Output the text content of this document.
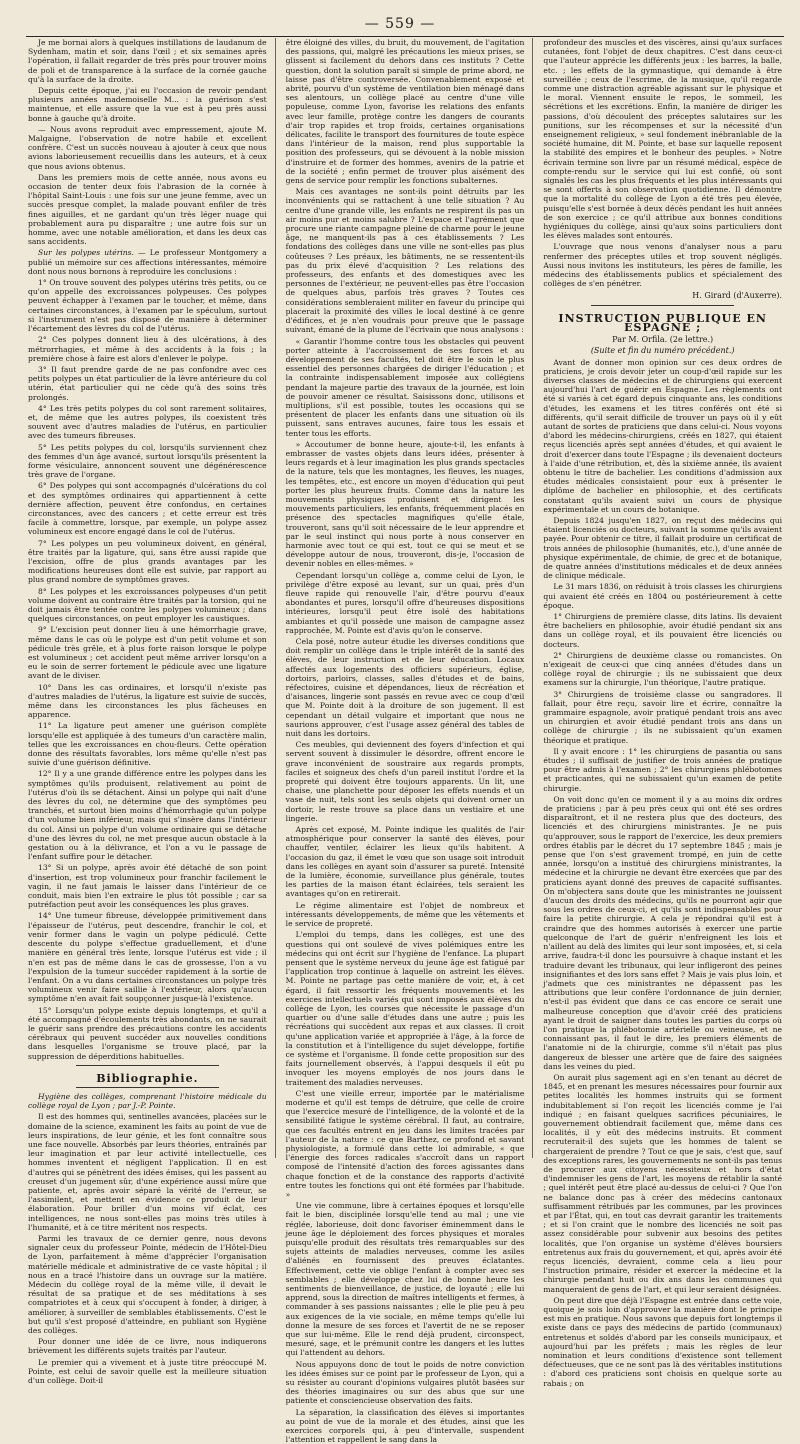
— 559 —

Je me bornai alors à quelques instillations de laudanum de Sydenham, matin et soir, dans l'œil ; et six semaines après l'opération, il fallait regarder de très près pour trouver moins de poli et de transparence à la surface de la cornée gauche qu'à la surface de la droite.

Depuis cette époque, j'ai eu l'occasion de revoir pendant plusieurs années mademoiselle M... : la guérison s'est maintenue, et elle assure que la vue est à peu près aussi bonne à gauche qu'à droite.

— Nous avons reproduit avec empressement, ajoute M. Malgaigne, l'observation de notre habile et excellent confrère. C'est un succès nouveau à ajouter à ceux que nous avions laborieusement recueillis dans les auteurs, et à ceux que nous avions obtenus.

Dans les premiers mois de cette année, nous avons eu occasion de tenter deux fois l'abrasion de la cornée à l'hôpital Saint-Louis : une fois sur une jeune femme, avec un succès presque complet, la malade pouvant enfiler de très fines aiguilles, et ne gardant qu'un très léger nuage qui probablement aura pu disparaître ; une autre fois sur un homme, avec une notable amélioration, et dans les deux cas sans accidents.

Sur les polypes utérins. — Le professeur Montgomery a publié un mémoire sur ces affections intéressantes, mémoire dont nous nous bornons à reproduire les conclusions :

1° On trouve souvent des polypes utérins très petits, ou ce qu'on appelle des excroissances polypeuses. Ces polypes peuvent échapper à l'examen par le toucher, et même, dans certaines circonstances, à l'examen par le spéculum, surtout si l'instrument n'est pas disposé de manière à déterminer l'écartement des lèvres du col de l'utérus.

2° Ces polypes donnent lieu à des ulcérations, à des métrorrhagies, et même à des accidents à la fois ; la première chose à faire est alors d'enlever le polype.

3° Il faut prendre garde de ne pas confondre avec ces petits polypes un état particulier de la lèvre antérieure du col utérin, état particulier qui ne cède qu'à des soins très prolongés.

4° Les très petits polypes du col sont rarement solitaires, et, de même que les autres polypes, ils coexistent très souvent avec d'autres maladies de l'utérus, en particulier avec des tumeurs fibreuses.

5° Les petits polypes du col, lorsqu'ils surviennent chez des femmes d'un âge avancé, surtout lorsqu'ils présentent la forme vésiculaire, annoncent souvent une dégénérescence très grave de l'organe.

6° Des polypes qui sont accompagnés d'ulcérations du col et des symptômes ordinaires qui appartiennent à cette dernière affection, peuvent être confondus, en certaines circonstances, avec des cancers ; et cette erreur est très facile à commettre, lorsque, par exemple, un polype assez volumineux est encore engagé dans le col de l'utérus.

7° Les polypes un peu volumineux doivent, en général, être traités par la ligature, qui, sans être aussi rapide que l'excision, offre de plus grands avantages par les modifications heureuses dont elle est suivie, par rapport au plus grand nombre de symptômes graves.

8° Les polypes et les excroissances polypeuses d'un petit volume doivent au contraire être traités par la torsion, qui ne doit jamais être tentée contre les polypes volumineux ; dans quelques circonstances, on peut employer les caustiques.

9° L'excision peut donner lieu à une hémorrhagie grave, même dans le cas où le polype est d'un petit volume et son pédicule très grêle, et à plus forte raison lorsque le polype est volumineux ; cet accident peut même arriver lorsqu'on a eu le soin de serrer fortement le pédicule avec une ligature avant de le diviser.

10° Dans les cas ordinaires, et lorsqu'il n'existe pas d'autres maladies de l'utérus, la ligature est suivie de succès, même dans les circonstances les plus fâcheuses en apparence.

11° La ligature peut amener une guérison complète lorsqu'elle est appliquée à des tumeurs d'un caractère malin, telles que les excroissances en chou-fleurs. Cette opération donne des résultats favorables, lors même qu'elle n'est pas suivie d'une guérison définitive.

12° Il y a une grande différence entre les polypes dans les symptômes qu'ils produisent, relativement au point de l'utérus d'où ils se détachent. Ainsi un polype qui naît d'une des lèvres du col, ne détermine que des symptômes peu tranchés, et surtout bien moins d'hémorrhagie qu'un polype d'un volume bien inférieur, mais qui s'insère dans l'intérieur du col. Ainsi un polype d'un volume ordinaire qui se détache d'une des lèvres du col, ne met presque aucun obstacle à la gestation ou à la délivrance, et l'on a vu le passage de l'enfant suffire pour le détacher.

13° Si un polype, après avoir été détaché de son point d'insertion, est trop volumineux pour franchir facilement le vagin, il ne faut jamais le laisser dans l'intérieur de ce conduit, mais bien l'en extraire le plus tôt possible ; car sa putréfaction peut avoir les conséquences les plus graves.

14° Une tumeur fibreuse, développée primitivement dans l'épaisseur de l'utérus, peut descendre, franchir le col, et venir former dans le vagin un polype pédiculé. Cette descente du polype s'effectue graduellement, et d'une manière en général très lente, lorsque l'utérus est vide ; il n'en est pas de même dans le cas de grossesse, l'on a vu l'expulsion de la tumeur succéder rapidement à la sortie de l'enfant. On a vu dans certaines circonstances un polype très volumineux venir faire saillie à l'extérieur, alors qu'aucun symptôme n'en avait fait soupçonner jusque-là l'existence.

15° Lorsqu'un polype existe depuis longtemps, et qu'il a été accompagné d'écoulements très abondants, on ne saurait le guérir sans prendre des précautions contre les accidents cérébraux qui peuvent succéder aux nouvelles conditions dans lesquelles l'organisme se trouve placé, par la suppression de déperditions habituelles.

Bibliographie.

Hygiène des collèges, comprenant l'histoire médicale du collège royal de Lyon ; par J.-P. Pointe.

Il est des hommes qui, sentinelles avancées, placées sur le domaine de la science, examinent les faits au point de vue de leurs inspirations, de leur génie, et les font connaître sous une face nouvelle. Absorbés par leurs théories, entraînés par leur imagination et par leur activité intellectuelle, ces hommes inventent et négligent l'application. Il en est d'autres qui se pénètrent des idées émises, qui les passent au creuset d'un jugement sûr, d'une expérience aussi mûre que patiente, et, après avoir séparé la vérité de l'erreur, se l'assimilent, et mettent en évidence ce produit de leur élaboration. Pour briller d'un moins vif éclat, ces intelligences, ne nous sont-elles pas moins très utiles à l'humanité, et à ce titre méritent nos respects.

Parmi les travaux de ce dernier genre, nous devons signaler ceux du professeur Pointe, médecin de l'Hôtel-Dieu de Lyon, parfaitement à même d'apprécier l'organisation matérielle médicale et administrative de ce vaste hôpital ; il nous en a tracé l'histoire dans un ouvrage sur la matière. Médecin du collège royal de la même ville, il devait le résultat de sa pratique et de ses méditations à ses compatriotes et à ceux qui s'occupent à fonder, à diriger, à améliorer, à surveiller de semblables établissements. C'est le but qu'il s'est proposé d'atteindre, en publiant son Hygiène des collèges.

Pour donner une idée de ce livre, nous indiquerons brièvement les différents sujets traités par l'auteur.

Le premier qui a vivement et à juste titre préoccupé M. Pointe, est celui de savoir quelle est la meilleure situation d'un collège. Doit-il

être éloigné des villes, du bruit, du mouvement, de l'agitation des passions, qui, malgré les précautions les mieux prises, se glissent si facilement du dehors dans ces instituts ? Cette question, dont la solution paraît si simple de prime abord, ne laisse pas d'être controversée. Convenablement exposé et abrité, pourvu d'un système de ventilation bien ménagé dans ses alentours, un collège placé au centre d'une ville populeuse, comme Lyon, favorise les relations des enfants avec leur famille, protège contre les dangers de courants d'air trop rapides et trop froids, certaines organisations délicates, facilite le transport des fournitures de toute espèce dans l'intérieur de la maison, rend plus supportable la position des professeurs, qui se dévouent à la noble mission d'instruire et de former des hommes, avenirs de la patrie et de la société ; enfin permet de trouver plus aisément des gens de service pour remplir les fonctions subalternes.

Mais ces avantages ne sont-ils point détruits par les inconvénients qui se rattachent à une telle situation ? Au centre d'une grande ville, les enfants ne respirent ils pas un air moins pur et moins salubre ? L'espace et l'agrément que procure une riante campagne pleine de charme pour le jeune âge, ne manquent-ils pas à ces établissements ? Les fondations des collèges dans une ville ne sont-elles pas plus coûteuses ? Les préaux, les bâtiments, ne se ressentent-ils pas du prix élevé d'acquisition ? Les relations des professeurs, des enfants et des domestiques avec les personnes de l'extérieur, ne peuvent-elles pas être l'occasion de quelques abus, parfois très graves ? Toutes ces considérations sembleraient militer en faveur du principe qui placerait la proximité des villes le local destiné à ce genre d'édifices, et je n'en voudrais pour preuve que le passage suivant, émané de la plume de l'écrivain que nous analysons :

« Garantir l'homme contre tous les obstacles qui peuvent porter atteinte à l'accroissement de ses forces et au développement de ses facultés, tel doit être le soin le plus essentiel des personnes chargées de diriger l'éducation ; et la contrainte indispensablement imposée aux collégiens pendant la majeure partie des travaux de la journée, est loin de pouvoir amener ce résultat. Saisissons donc, utilisons et multiplions, s'il est possible, toutes les occasions qui se présentent de placer les enfants dans une situation où ils puissent, sans entraves aucunes, faire tous les essais et tenter tous les efforts.

» Accoutumer de bonne heure, ajoute-t-il, les enfants à embrasser de vastes objets dans leurs idées, présenter à leurs regards et à leur imagination les plus grands spectacles de la nature, tels que les montagnes, les fleuves, les nuages, les tempêtes, etc., est encore un moyen d'éducation qui peut porter les plus heureux fruits. Comme dans la nature les mouvements physiques produisent et dirigent les mouvements particuliers, les enfants, fréquemment placés en présence des spectacles magnifiques qu'elle étale, trouveront, sans qu'il soit nécessaire de le leur apprendre et par le seul instinct qui nous porte à nous conserver en harmonie avec tout ce qui est, tout ce qui se meut et se développe autour de nous, trouveront, dis-je, l'occasion de devenir nobles en elles-mêmes. »

Cependant lorsqu'un collège a, comme celui de Lyon, le privilège d'être exposé au levant, sur un quai, près d'un fleuve rapide qui renouvelle l'air, d'être pourvu d'eaux abondantes et pures, lorsqu'il offre d'heureuses dispositions intérieures, lorsqu'il peut être isolé des habitations ambiantes et qu'il possède une maison de campagne assez rapprochée, M. Pointe est d'avis qu'on le conserve.

Cela posé, notre auteur étudie les diverses conditions que doit remplir un collège dans le triple intérêt de la santé des élèves, de leur instruction et de leur éducation. Locaux affectés aux logements des officiers supérieurs, église, dortoirs, parloirs, classes, salles d'études et de bains, réfectoires, cuisine et dépendances, lieux de récréation et d'aisances, lingerie sont passés en revue avec ce coup d'œil que M. Pointe doit à la droiture de son jugement. Il est cependant un détail vulgaire et important que nous ne saurions approuver, c'est l'usage assez général des tables de nuit dans les dortoirs.

Ces meubles, qui deviennent des foyers d'infection et qui servent souvent à dissimuler le désordre, offrent encore le grave inconvénient de soustraire aux regards prompts, faciles et soigneux des chefs d'un pareil institut l'ordre et la propreté qui doivent être toujours apparents. Un lit, une chaise, une planchette pour déposer les effets nuends et un vase de nuit, tels sont les seuls objets qui doivent orner un dortoir, le reste trouve sa place dans un vestiaire et une lingerie.

Après cet exposé, M. Pointe indique les qualités de l'air atmosphérique pour conserver la santé des élèves, pour chauffer, ventiler, éclairer les lieux qu'ils habitent. A l'occasion du gaz, il émet le vœu que son usage soit introduit dans les collèges en ayant soin d'assurer sa pureté. Intensité de la lumière, économie, surveillance plus générale, toutes les parties de la maison étant éclairées, tels seraient les avantages qu'on en retirerait.

Le régime alimentaire est l'objet de nombreux et intéressants développements, de même que les vêtements et le service de propreté.

L'emploi du temps, dans les collèges, est une des questions qui ont soulevé de vives polémiques entre les médecins qui ont écrit sur l'hygiène de l'enfance. La plupart pensent que le système nerveux du jeune âge est fatigué par l'application trop continue à laquelle on astreint les élèves. M. Pointe ne partage pas cette manière de voir, et, à cet égard, il fait ressortir les fréquents mouvements et les exercices intellectuels variés qui sont imposés aux élèves du collège de Lyon, les courses que nécessite le passage d'un quartier ou d'une salle d'études dans une autre ; puis les récréations qui succèdent aux repas et aux classes. Il croit qu'une application variée et appropriée à l'âge, à la force de la constitution et à l'intelligence du sujet développe, fortifie ce système et l'organisme. Il fonde cette proposition sur des faits journellement observés, à l'appui desquels il eût pu invoquer les moyens employés de nos jours dans le traitement des maladies nerveuses.

C'est une vieille erreur, importée par le matérialisme moderne et qu'il est temps de détruire, que celle de croire que l'exercice mesuré de l'intelligence, de la volonté et de la sensibilité fatigue le système cérébral. Il faut, au contraire, que ces facultés entrent en jeu dans les limites tracées par l'auteur de la nature : ce que Barthez, ce profond et savant physiologiste, a formulé dans cette loi admirable, « que l'énergie des forces radicales s'accroît dans un rapport composé de l'intensité d'action des forces agissantes dans chaque fonction et de la constance des rapports d'activité entre toutes les fonctions qui ont été formées par l'habitude. »

Une vie commune, libre à certaines époques et lorsqu'elle fait le bien, disciplinée lorsqu'elle tend au mal ; une vie réglée, laborieuse, doit donc favoriser éminemment dans le jeune âge le déploiement des forces physiques et morales puisqu'elle produit des résultats très remarquables sur des sujets atteints de maladies nerveuses, comme les asiles d'aliénés en fournissent des preuves éclatantes. Effectivement, cette vie oblige l'enfant à compter avec ses semblables ; elle développe chez lui de bonne heure les sentiments de bienveillance, de justice, de loyauté ; elle lui apprend, sous la direction de maîtres intelligents et fermes, à commander à ses passions naissantes ; elle le plie peu à peu aux exigences de la vie sociale, en même temps qu'elle lui donne la mesure de ses forces et l'avertit de ne se reposer que sur lui-même. Elle le rend déjà prudent, circonspect, mesuré, sage, et le prémunit contre les dangers et les luttes qui l'attendent au dehors.

Nous appuyons donc de tout le poids de notre conviction les idées émises sur ce point par le professeur de Lyon, qui a su résister au courant d'opinions vulgaires plutôt basées sur des théories imaginaires ou sur des abus que sur une patiente et consciencieuse observation des faits.

La séparation, la classification des élèves si importantes au point de vue de la morale et des études, ainsi que les exercices corporels qui, à peu d'intervalle, suspendent l'attention et rappellent le sang dans la

profondeur des muscles et des viscères, ainsi qu'aux surfaces cutanées, font l'objet de deux chapitres. C'est dans ceux-ci que l'auteur apprécie les différents jeux : les barres, la balle, etc. ; les effets de la gymnastique, qui demande à être surveillée ; ceux de l'escrime, de la musique, qu'il regarde comme une distraction agréable agissant sur le physique et le moral. Viennent ensuite le repos, le sommeil, les sécrétions et les excrétions. Enfin, la manière de diriger les passions, d'où découlent des préceptes salutaires sur les punitions, sur les récompenses et sur la nécessité d'un enseignement religieux, » seul fondement inébranlable de la société humaine, dit M. Pointe, et base sur laquelle reposent la stabilité des empires et le bonheur des peuples. » Notre écrivain termine son livre par un résumé médical, espèce de compte-rendu sur le service qui lui est confié, où sont signalés les cas les plus fréquents et les plus intéressants qui se sont offerts à son observation quotidienne. Il démontre que la mortalité du collège de Lyon a été très peu élevée, puisqu'elle s'est bornée à deux décès pendant les huit années de son exercice ; ce qu'il attribue aux bonnes conditions hygiéniques du collège, ainsi qu'aux soins particuliers dont les élèves malades sont entourés.

L'ouvrage que nous venons d'analyser nous a paru renfermer des préceptes utiles et trop souvent négligés. Aussi nous invitons les instituteurs, les pères de famille, les médecins des établissements publics et spécialement des collèges de s'en pénétrer.

H. Girard (d'Auxerre).
INSTRUCTION PUBLIQUE EN ESPAGNE ;
Par M. Orfila. (2e lettre.)
(Suite et fin du numéro précédent.)

Avant de donner mon opinion sur ces deux ordres de praticiens, je crois devoir jeter un coup-d'œil rapide sur les diverses classes de médecins et de chirurgiens qui exercent aujourd'hui l'art de guérir en Espagne. Les règlements ont été si variés à cet égard depuis cinquante ans, les conditions d'études, les examens et les titres conférés ont été si différents, qu'il serait difficile de trouver un pays où il y eût autant de sortes de praticiens que dans celui-ci. Nous voyons d'abord les médecins-chirurgiens, créés en 1827, qui étaient reçus licenciés après sept années d'études, et qui avaient le droit d'exercer dans toute l'Espagne ; ils devenaient docteurs à l'aide d'une rétribution, et, dès la sixième année, ils avaient obtenu le titre de bachelier. Les conditions d'admission aux études médicales consistaient pour eux à présenter le diplôme de bachelier en philosophie, et des certificats constatant qu'ils avaient suivi un cours de physique expérimentale et un cours de botanique.

Depuis 1824 jusqu'en 1827, on reçut des médecins qui étaient licenciés ou docteurs, suivant la somme qu'ils avaient payée. Pour obtenir ce titre, il fallait produire un certificat de trois années de philosophie (humanités, etc.), d'une année de physique expérimentale, de chimie, de grec et de botanique, de quatre années d'institutions médicales et de deux années de clinique médicale.

Le 31 mars 1836, on réduisit à trois classes les chirurgiens qui avaient été créés en 1804 ou postérieurement à cette époque.

1° Chirurgiens de première classe, dits latins. Ils devaient être bacheliers en philosophie, avoir étudié pendant six ans dans un collège royal, et ils pouvaient être licenciés ou docteurs.

2° Chirurgiens de deuxième classe ou romancistes. On n'exigeait de ceux-ci que cinq années d'études dans un collège royal de chirurgie ; ils ne subissaient que deux examens sur la chirurgie, l'un théorique, l'autre pratique.

3° Chirurgiens de troisième classe ou sangradores. Il fallait, pour être reçu, savoir lire et écrire, connaître la grammaire espagnole, avoir pratiqué pendant trois ans avec un chirurgien et avoir étudié pendant trois ans dans un collège de chirurgie ; ils ne subissaient qu'un examen théorique et pratique.

Il y avait encore : 1° les chirurgiens de pasantia ou sans études ; il suffisait de justifier de trois années de pratique pour être admis à l'examen ; 2° les chirurgiens phlébotomes et practicantes, qui ne subissaient qu'un examen de petite chirurgie.

On voit donc qu'en ce moment il y a au moins dix ordres de praticiens ; par à peu près ceux qui ont été ses ordres disparaîtront, et il ne restera plus que des docteurs, des licenciés et des chirurgiens ministrantes. Je ne puis qu'approuver, sous le rapport de l'exercice, les deux premiers ordres établis par le décret du 17 septembre 1845 ; mais je pense que l'on s'est gravement trompé, en juin de cette année, lorsqu'on a institué des chirurgiens ministrantes, la médecine et la chirurgie ne devant être exercées que par des praticiens ayant donné des preuves de capacité suffisantes. On m'objectera sans doute que les ministrantes ne jouissent d'aucun des droits des médecins, qu'ils ne pourront agir que sous les ordres de ceux-ci, et qu'ils sont indispensables pour faire la petite chirurgie. A cela je répondrai qu'il est à craindre que des hommes autorisés à exercer une partie quelconque de l'art de guérir n'enfreignent les lois et n'aillent au delà des limites qui leur sont imposées, et, si cela arrive, faudra-t-il donc les poursuivre à chaque instant et les traduire devant les tribunaux, qui leur infligeront des peines insignifiantes et des lors sans effet ? Mais je vais plus loin, et j'admets que ces ministrantes ne dépassent pas les attributions que leur confère l'ordonnance de juin dernier, n'est-il pas évident que dans ce cas encore ce serait une malheureuse conception que d'avoir créé des praticiens ayant le droit de saigner dans toutes les parties du corps où l'on pratique la phlébotomie artérielle ou veineuse, et ne connaissant pas, il faut le dire, les premiers éléments de l'anatomie ni de la chirurgie, comme s'il n'était pas plus dangereux de blesser une artère que de faire des saignées dans les veines du pied.

On aurait plus sagement agi en s'en tenant au décret de 1845, et en prenant les mesures nécessaires pour fournir aux petites localités les hommes instruits qui se forment indubitablement si l'on reçoit les licenciés comme je l'ai indiqué ; en faisant quelques sacrifices pécuniaires, le gouvernement obtiendrait facilement que, même dans ces localités, il y eût des médecins instruits. Et comment recruterait-il des sujets que les hommes de talent se chargeraient de prendre ? Tout ce que je sais, c'est que, sauf des exceptions rares, les gouvernements ne sont-ils pas tenus de procurer aux citoyens nécessiteux et hors d'état d'indemniser les gens de l'art, les moyens de rétablir la santé ; quel intérêt peut être placé au-dessus de celui-ci ? Que l'on ne balance donc pas à créer des médecins cantonaux suffisamment rétribués par les communes, par les provinces et par l'État, qui, en tout cas devrait garantir les traitements ; et si l'on craint que le nombre des licenciés ne soit pas assez considérable pour subvenir aux besoins des petites localités, que l'on organise un système d'élèves boursiers entretenus aux frais du gouvernement, et qui, après avoir été reçus licenciés, devraient, comme cela a lieu pour l'instruction primaire, résider et exercer la médecine et la chirurgie pendant huit ou dix ans dans les communes qui manqueraient de gens de l'art, et qui leur seraient désignées.

On peut dire que déjà l'Espagne est entrée dans cette voie, quoique je sois loin d'approuver la manière dont le principe est mis en pratique. Nous savons que depuis fort longtemps il existe dans ce pays des médecins de partido (communaux) entretenus et soldés d'abord par les conseils municipaux, et aujourd'hui par les préfets ; mais les règles de leur nomination et leurs conditions d'existence sont tellement défectueuses, que ce ne sont pas là des véritables institutions : d'abord ces praticiens sont choisis en quelque sorte au rabais ; on
